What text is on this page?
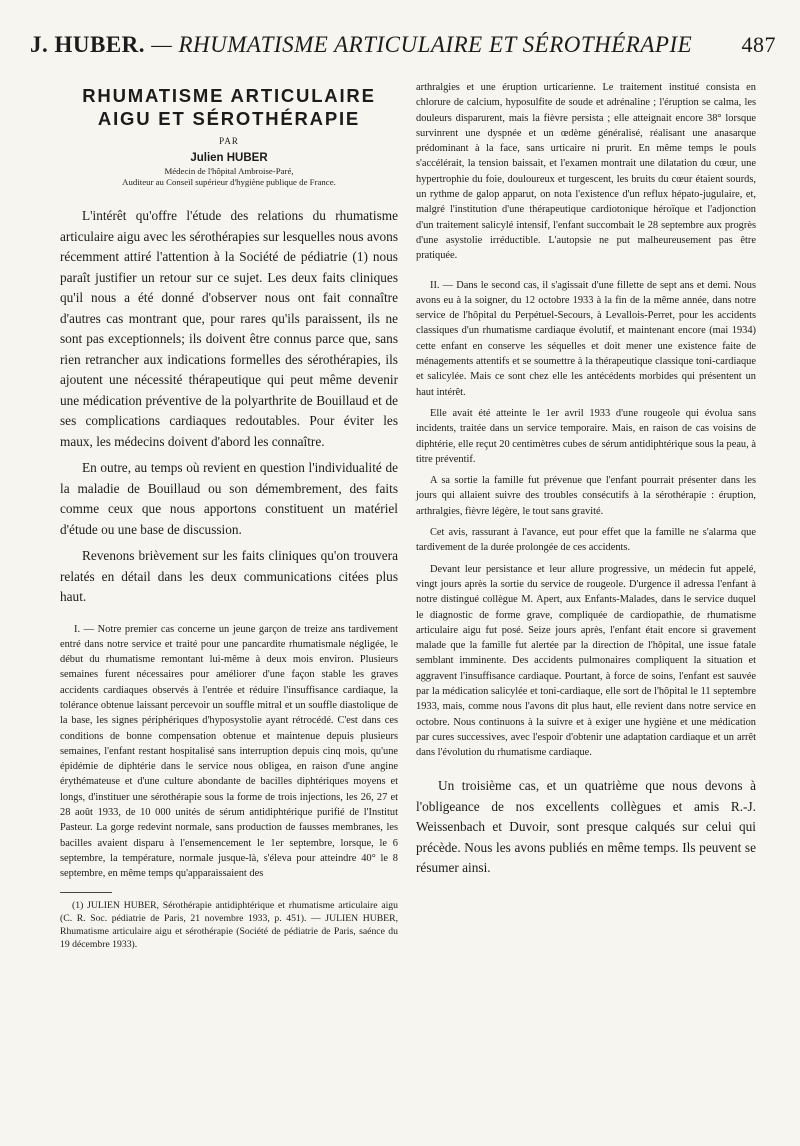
J. HUBER. — RHUMATISME ARTICULAIRE ET SÉROTHÉRAPIE 487
RHUMATISME ARTICULAIRE
AIGU ET SÉROTHÉRAPIE
PAR
Julien HUBER
Médecin de l'hôpital Ambroise-Paré,
Auditeur au Conseil supérieur d'hygiène publique de France.

L'intérêt qu'offre l'étude des relations du rhumatisme articulaire aigu avec les sérothérapies sur lesquelles nous avons récemment attiré l'attention à la Société de pédiatrie (1) nous paraît justifier un retour sur ce sujet. Les deux faits cliniques qu'il nous a été donné d'observer nous ont fait connaître d'autres cas montrant que, pour rares qu'ils paraissent, ils ne sont pas exceptionnels; ils doivent être connus parce que, sans rien retrancher aux indications formelles des sérothérapies, ils ajoutent une nécessité thérapeutique qui peut même devenir une médication préventive de la polyarthrite de Bouillaud et de ses complications cardiaques redoutables. Pour éviter les maux, les médecins doivent d'abord les connaître.

En outre, au temps où revient en question l'individualité de la maladie de Bouillaud ou son démembrement, des faits comme ceux que nous apportons constituent un matériel d'étude ou une base de discussion.

Revenons brièvement sur les faits cliniques qu'on trouvera relatés en détail dans les deux communications citées plus haut.

I. — Notre premier cas concerne un jeune garçon de treize ans tardivement entré dans notre service et traité pour une pancardite rhumatismale négligée, le début du rhumatisme remontant lui-même à deux mois environ. Plusieurs semaines furent nécessaires pour améliorer d'une façon stable les graves accidents cardiaques observés à l'entrée et réduire l'insuffisance cardiaque, la tolérance obtenue laissant percevoir un souffle mitral et un souffle diastolique de la base, les signes périphériques d'hyposystolie ayant rétrocédé. C'est dans ces conditions de bonne compensation obtenue et maintenue depuis plusieurs semaines, l'enfant restant hospitalisé sans interruption depuis cinq mois, qu'une épidémie de diphtérie dans le service nous obligea, en raison d'une angine érythémateuse et d'une culture abondante de bacilles diphtériques moyens et longs, d'instituer une sérothérapie sous la forme de trois injections, les 26, 27 et 28 août 1933, de 10 000 unités de sérum antidiphtérique purifié de l'Institut Pasteur. La gorge redevint normale, sans production de fausses membranes, les bacilles avaient disparu à l'ensemencement le 1er septembre, lorsque, le 6 septembre, la température, normale jusque-là, s'éleva pour atteindre 40° le 8 septembre, en même temps qu'apparaissaient des

(1) JULIEN HUBER, Sérothérapie antidiphtérique et rhumatisme articulaire aigu (C. R. Soc. pédiatrie de Paris, 21 novembre 1933, p. 451). — JULIEN HUBER, Rhumatisme articulaire aigu et sérothérapie (Société de pédiatrie de Paris, saénce du 19 décembre 1933).

arthralgies et une éruption urticarienne. Le traitement institué consista en chlorure de calcium, hyposulfite de soude et adrénaline ; l'éruption se calma, les douleurs disparurent, mais la fièvre persista ; elle atteignait encore 38° lorsque survinrent une dyspnée et un œdème généralisé, réalisant une anasarque prédominant à la face, sans urticaire ni prurit. En même temps le pouls s'accélérait, la tension baissait, et l'examen montrait une dilatation du cœur, une hypertrophie du foie, douloureux et turgescent, les bruits du cœur étaient sourds, un rythme de galop apparut, on nota l'existence d'un reflux hépato-jugulaire, et, malgré l'institution d'une thérapeutique cardiotonique héroïque et l'adjonction d'un traitement salicylé intensif, l'enfant succombait le 28 septembre aux progrès d'une asystolie irréductible. L'autopsie ne put malheureusement pas être pratiquée.

II. — Dans le second cas, il s'agissait d'une fillette de sept ans et demi. Nous avons eu à la soigner, du 12 octobre 1933 à la fin de la même année, dans notre service de l'hôpital du Perpétuel-Secours, à Levallois-Perret, pour les accidents classiques d'un rhumatisme cardiaque évolutif, et maintenant encore (mai 1934) cette enfant en conserve les séquelles et doit mener une existence faite de ménagements attentifs et se soumettre à la thérapeutique classique toni-cardiaque et salicylée. Mais ce sont chez elle les antécédents morbides qui présentent un haut intérêt.

Elle avait été atteinte le 1er avril 1933 d'une rougeole qui évolua sans incidents, traitée dans un service temporaire. Mais, en raison de cas voisins de diphtérie, elle reçut 20 centimètres cubes de sérum antidiphtérique sous la peau, à titre préventif.

A sa sortie la famille fut prévenue que l'enfant pourrait présenter dans les jours qui allaient suivre des troubles consécutifs à la sérothérapie : éruption, arthralgies, fièvre légère, le tout sans gravité.

Cet avis, rassurant à l'avance, eut pour effet que la famille ne s'alarma que tardivement de la durée prolongée de ces accidents.

Devant leur persistance et leur allure progressive, un médecin fut appelé, vingt jours après la sortie du service de rougeole. D'urgence il adressa l'enfant à notre distingué collègue M. Apert, aux Enfants-Malades, dans le service duquel le diagnostic de forme grave, compliquée de cardiopathie, de rhumatisme articulaire aigu fut posé. Seize jours après, l'enfant était encore si gravement malade que la famille fut alertée par la direction de l'hôpital, une issue fatale semblant imminente. Des accidents pulmonaires compliquent la situation et aggravent l'insuffisance cardiaque. Pourtant, à force de soins, l'enfant est sauvée par la médication salicylée et toni-cardiaque, elle sort de l'hôpital le 11 septembre 1933, mais, comme nous l'avons dit plus haut, elle revient dans notre service en octobre. Nous continuons à la suivre et à exiger une hygiène et une médication par cures successives, avec l'espoir d'obtenir une adaptation cardiaque et un arrêt dans l'évolution du rhumatisme cardiaque.

Un troisième cas, et un quatrième que nous devons à l'obligeance de nos excellents collègues et amis R.-J. Weissenbach et Duvoir, sont presque calqués sur celui qui précède. Nous les avons publiés en même temps. Ils peuvent se résumer ainsi.
